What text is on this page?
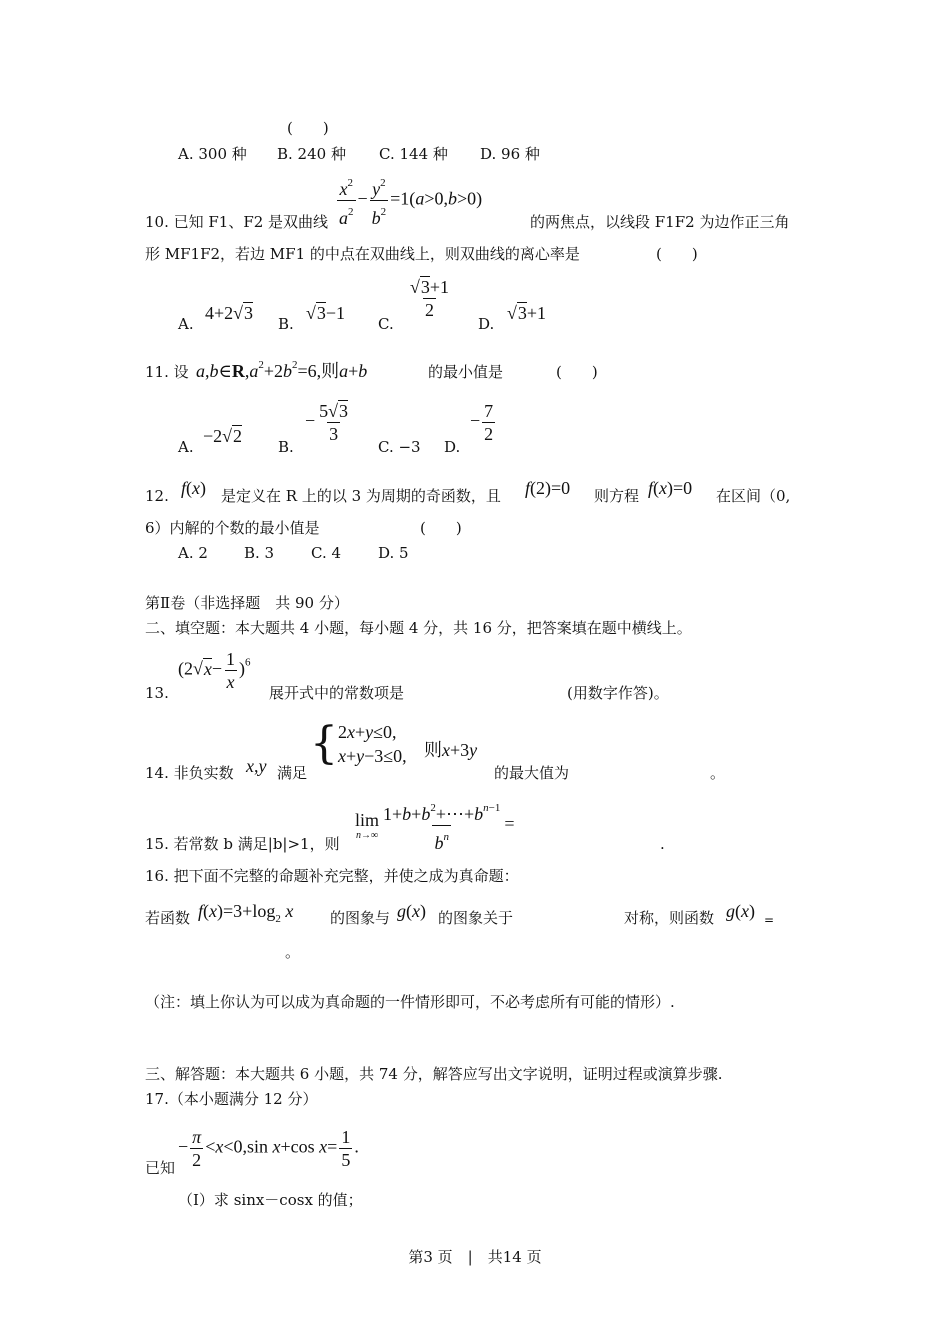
(　　)
A. 300 种 B. 240 种 C. 144 种 D. 96 种
10. 已知 F1、F2 是双曲线 $\frac{x^2}{a^2} - \frac{y^2}{b^2} =1(a>0,b>0)$
的两焦点，以线段 F1F2 为边作正三角
形 MF1F2，若边 MF1 的中点在双曲线上，则双曲线的离心率是	(　　)
A.
4+2√3
B.
√3−1
C.
$\frac{√3+1}{2}$
D.
√3+1
11. 设 $a,b\in R,a^2+2b^2=6$,则a+b	的最小值是	(　　)
A.
−2√2
B.
− $\frac{5√3}{3}$
C. −3 D.
− $\frac{7}{2}$
12. f(x) 是定义在 R 上的以 3 为周期的奇函数，且 f(2)=0 则方程 f(x)=0 在区间（0,
6）内解的个数的最小值是	(　　)
A. 2 B. 3 C. 4 D. 5
第Ⅱ卷（非选择题　共 90 分）
二、填空题：本大题共 4 小题，每小题 4 分，共 16 分，把答案填在题中横线上。
13.
$(2√x- \frac{1}{x} )^6$
展开式中的常数项是	(用数字作答)。
14. 非负实数 x,y 满足
{ 2x+y≤0,
x+y−3≤0, 则x+3y
的最大值为	。
lim
$n\to\infty \frac{1+b+b^2+\cdots+b^{n-1}}{b^n}$ =
15. 若常数 b 满足|b|>1，则	.
16. 把下面不完整的命题补充完整，并使之成为真命题：
若函数 $f(x)=3+\log_2$ x 的图象与 g(x) 的图象关于	对称，则函数 g(x) =
。
（注：填上你认为可以成为真命题的一件情形即可，不必考虑所有可能的情形）.
三、解答题：本大题共 6 小题，共 74 分，解答应写出文字说明，证明过程或演算步骤.
17.（本小题满分 12 分）
− $\frac{\pi}{2} <x<0,\sin$ x+cos $x= \frac{1}{5}$ .
已知
（I）求 sinx－cosx 的值；
第3 页　|　共14 页
